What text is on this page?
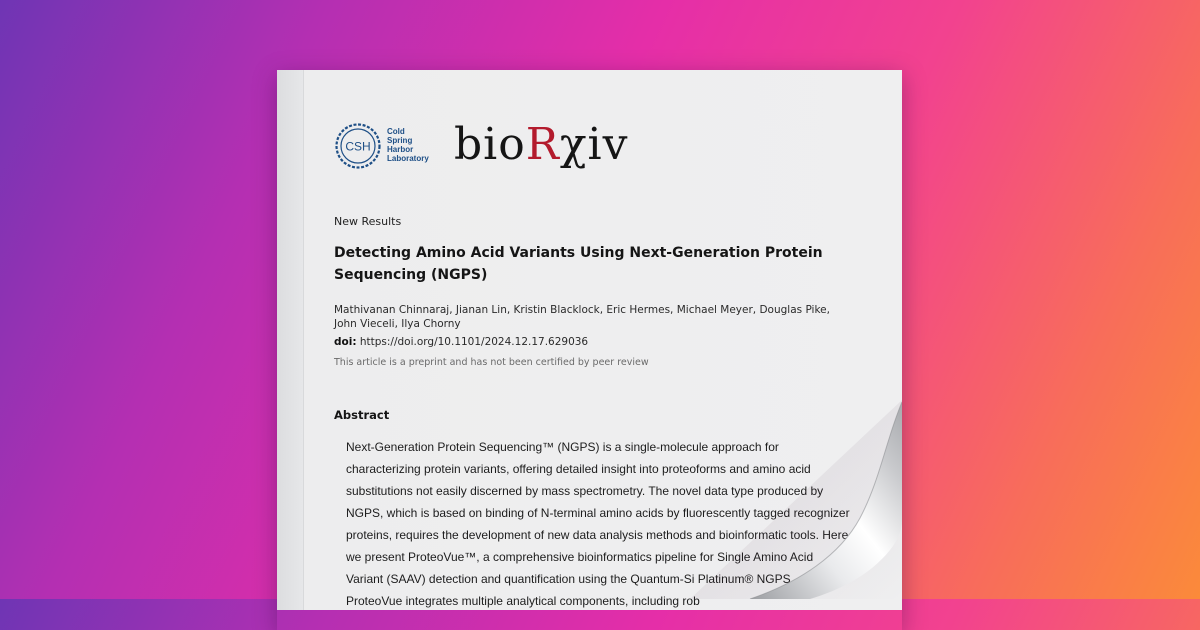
CSH
Cold
Spring
Harbor
Laboratory bioRχiv
New Results
Detecting Amino Acid Variants Using Next-Generation Protein Sequencing (NGPS)
Mathivanan Chinnaraj, Jianan Lin, Kristin Blacklock, Eric Hermes, Michael Meyer, Douglas Pike, John Vieceli, Ilya Chorny
doi: https://doi.org/10.1101/2024.12.17.629036
This article is a preprint and has not been certified by peer review
Abstract
Next-Generation Protein Sequencing™ (NGPS) is a single-molecule approach for
characterizing protein variants, offering detailed insight into proteoforms and amino acid
substitutions not easily discerned by mass spectrometry. The novel data type produced by
NGPS, which is based on binding of N-terminal amino acids by fluorescently tagged recognizer
proteins, requires the development of new data analysis methods and bioinformatic tools. Here
we present ProteoVue™, a comprehensive bioinformatics pipeline for Single Amino Acid
Variant (SAAV) detection and quantification using the Quantum-Si Platinum® NGPS
ProteoVue integrates multiple analytical components, including rob
